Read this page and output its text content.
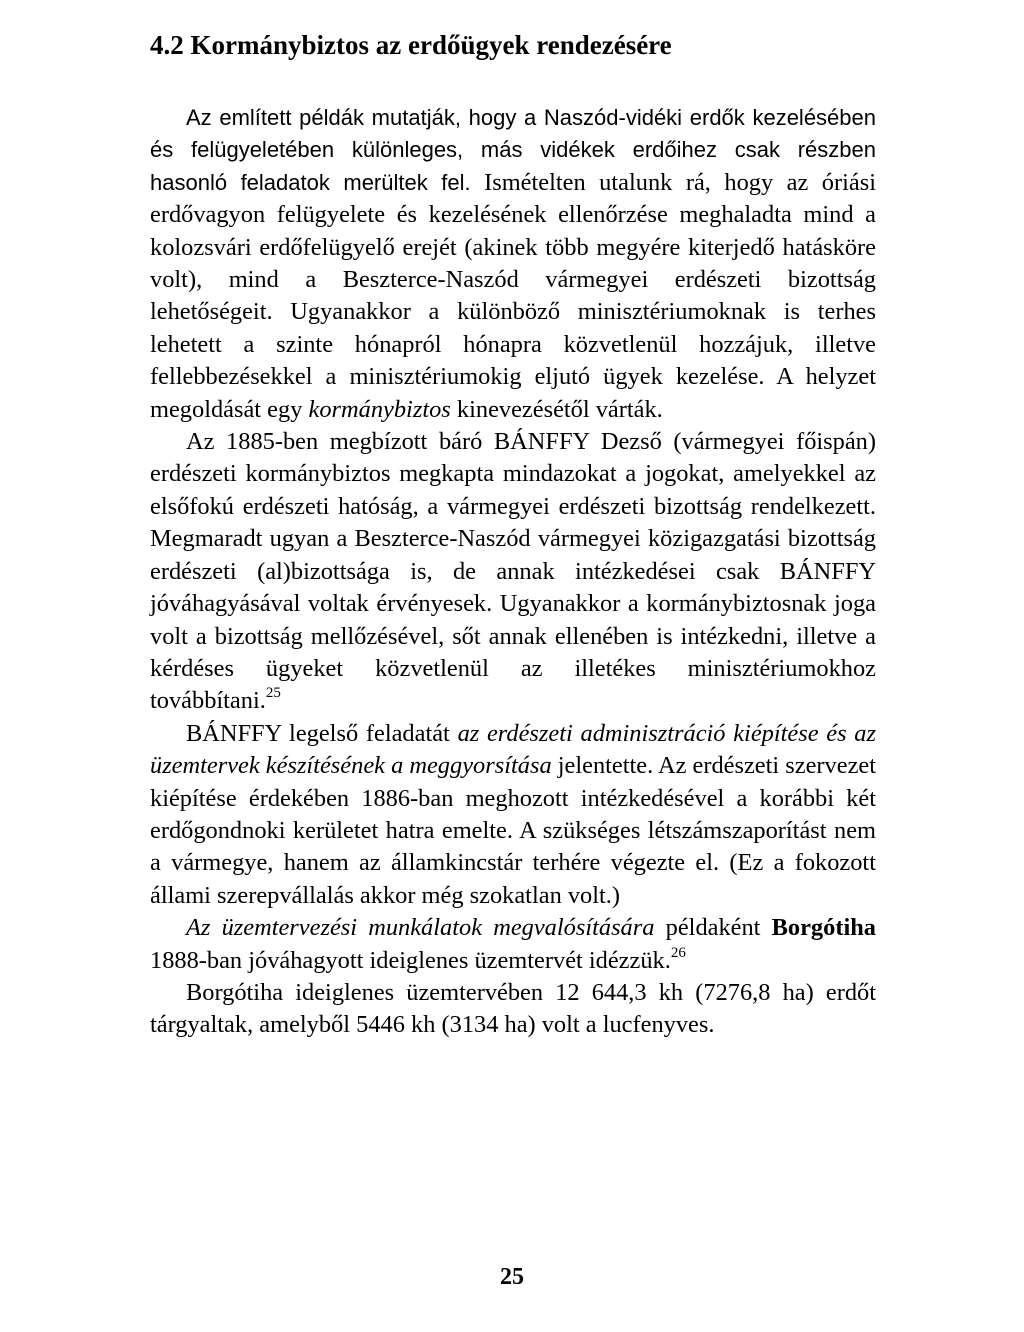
4.2 Kormánybiztos az erdőügyek rendezésére

Az említett példák mutatják, hogy a Naszód-vidéki erdők kezelésében és felügyeletében különleges, más vidékek erdőihez csak részben hasonló feladatok merültek fel. Ismételten utalunk rá, hogy az óriási erdővagyon felügyelete és kezelésének ellenőrzése meghaladta mind a kolozsvári erdőfelügyelő erejét (akinek több megyére kiterjedő hatásköre volt), mind a Beszterce-Naszód vármegyei erdészeti bizottság lehetőségeit. Ugyanakkor a különböző minisztériumoknak is terhes lehetett a szinte hónapról hónapra közvetlenül hozzájuk, illetve fellebbezésekkel a minisztériumokig eljutó ügyek kezelése. A helyzet megoldását egy kormánybiztos kinevezésétől várták.

Az 1885-ben megbízott báró BÁNFFY Dezső (vármegyei főispán) erdészeti kormánybiztos megkapta mindazokat a jogokat, amelyekkel az elsőfokú erdészeti hatóság, a vármegyei erdészeti bizottság rendelkezett. Megmaradt ugyan a Beszterce-Naszód vármegyei közigazgatási bizottság erdészeti (al)bizottsága is, de annak intézkedései csak BÁNFFY jóváhagyásával voltak érvényesek. Ugyanakkor a kormánybiztosnak joga volt a bizottság mellőzésével, sőt annak ellenében is intézkedni, illetve a kérdéses ügyeket közvetlenül az illetékes minisztériumokhoz továbbítani.$^{25}$

BÁNFFY legelső feladatát az erdészeti adminisztráció kiépítése és az üzemtervek készítésének a meggyorsítása jelentette. Az erdészeti szervezet kiépítése érdekében 1886-ban meghozott intézkedésével a korábbi két erdőgondnoki kerületet hatra emelte. A szükséges létszámszaporítást nem a vármegye, hanem az államkincstár terhére végezte el. (Ez a fokozott állami szerepvállalás akkor még szokatlan volt.)

Az üzemtervezési munkálatok megvalósítására példaként Borgótiha 1888-ban jóváhagyott ideiglenes üzemtervét idézzük.$^{26}$

Borgótiha ideiglenes üzemtervében 12 644,3 kh (7276,8 ha) erdőt tárgyaltak, amelyből 5446 kh (3134 ha) volt a lucfenyves.

25
